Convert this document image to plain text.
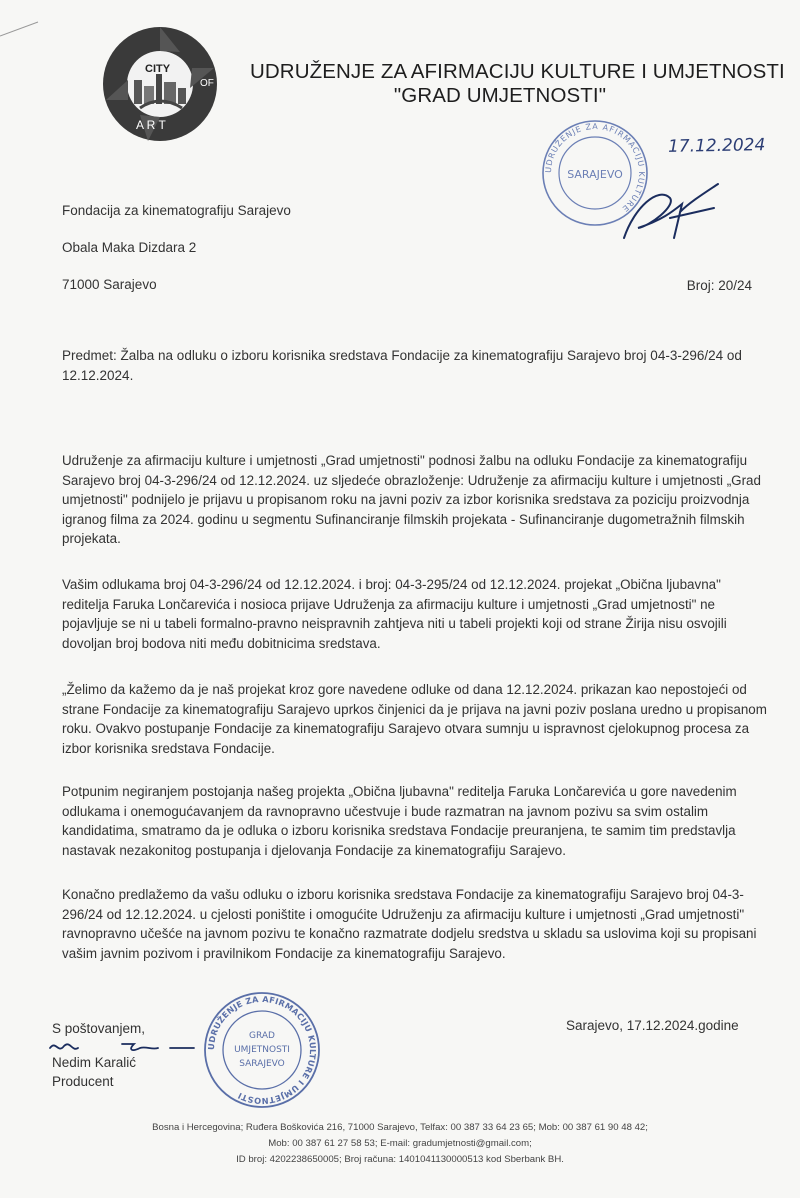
CITY
OF
A R T
UDRUŽENJE ZA AFIRMACIJU KULTURE I UMJETNOSTI
"GRAD UMJETNOSTI"
UDRUŽENJE ZA AFIRMACIJU KULTURE
SARAJEVO
17.12.2024
Fondacija za kinematografiju Sarajevo
Obala Maka Dizdara 2
71000 Sarajevo	Broj: 20/24
Predmet: Žalba na odluku o izboru korisnika sredstava Fondacije za kinematografiju Sarajevo broj 04-3-296/24 od 12.12.2024.
Udruženje za afirmaciju kulture i umjetnosti „Grad umjetnosti" podnosi žalbu na odluku Fondacije za kinematografiju Sarajevo broj 04-3-296/24 od 12.12.2024. uz sljedeće obrazloženje: Udruženje za afirmaciju kulture i umjetnosti „Grad umjetnosti" podnijelo je prijavu u propisanom roku na javni poziv za izbor korisnika sredstava za poziciju proizvodnja igranog filma za 2024. godinu u segmentu Sufinanciranje filmskih projekata - Sufinanciranje dugometražnih filmskih projekata.
Vašim odlukama broj 04-3-296/24 od 12.12.2024. i broj: 04-3-295/24 od 12.12.2024. projekat „Obična ljubavna" reditelja Faruka Lončarevića i nosioca prijave Udruženja za afirmaciju kulture i umjetnosti „Grad umjetnosti" ne pojavljuje se ni u tabeli formalno-pravno neispravnih zahtjeva niti u tabeli projekti koji od strane Žirija nisu osvojili dovoljan broj bodova niti među dobitnicima sredstava.
„Želimo da kažemo da je naš projekat kroz gore navedene odluke od dana 12.12.2024. prikazan kao nepostojeći od strane Fondacije za kinematografiju Sarajevo uprkos činjenici da je prijava na javni poziv poslana uredno u propisanom roku. Ovakvo postupanje Fondacije za kinematografiju Sarajevo otvara sumnju u ispravnost cjelokupnog procesa za izbor korisnika sredstava Fondacije.
Potpunim negiranjem postojanja našeg projekta „Obična ljubavna" reditelja Faruka Lončarevića u gore navedenim odlukama i onemogućavanjem da ravnopravno učestvuje i bude razmatran na javnom pozivu sa svim ostalim kandidatima, smatramo da je odluka o izboru korisnika sredstava Fondacije preuranjena, te samim tim predstavlja nastavak nezakonitog postupanja i djelovanja Fondacije za kinematografiju Sarajevo.
Konačno predlažemo da vašu odluku o izboru korisnika sredstava Fondacije za kinematografiju Sarajevo broj 04-3-296/24 od 12.12.2024. u cjelosti poništite i omogućite Udruženju za afirmaciju kulture i umjetnosti „Grad umjetnosti" ravnopravno učešće na javnom pozivu te konačno razmatrate dodjelu sredstva u skladu sa uslovima koji su propisani vašim javnim pozivom i pravilnikom Fondacije za kinematografiju Sarajevo.
S poštovanjem,
Nedim Karalić
Producent
Sarajevo, 17.12.2024.godine
UDRUŽENJE ZA AFIRMACIJU KULTURE I UMJETNOSTI
GRAD
UMJETNOSTI
SARAJEVO
Bosna i Hercegovina; Ruđera Boškovića 216, 71000 Sarajevo, Telfax: 00 387 33 64 23 65; Mob: 00 387 61 90 48 42;
Mob: 00 387 61 27 58 53; E-mail: gradumjetnosti@gmail.com;
ID broj: 4202238650005; Broj računa: 1401041130000513 kod Sberbank BH.
